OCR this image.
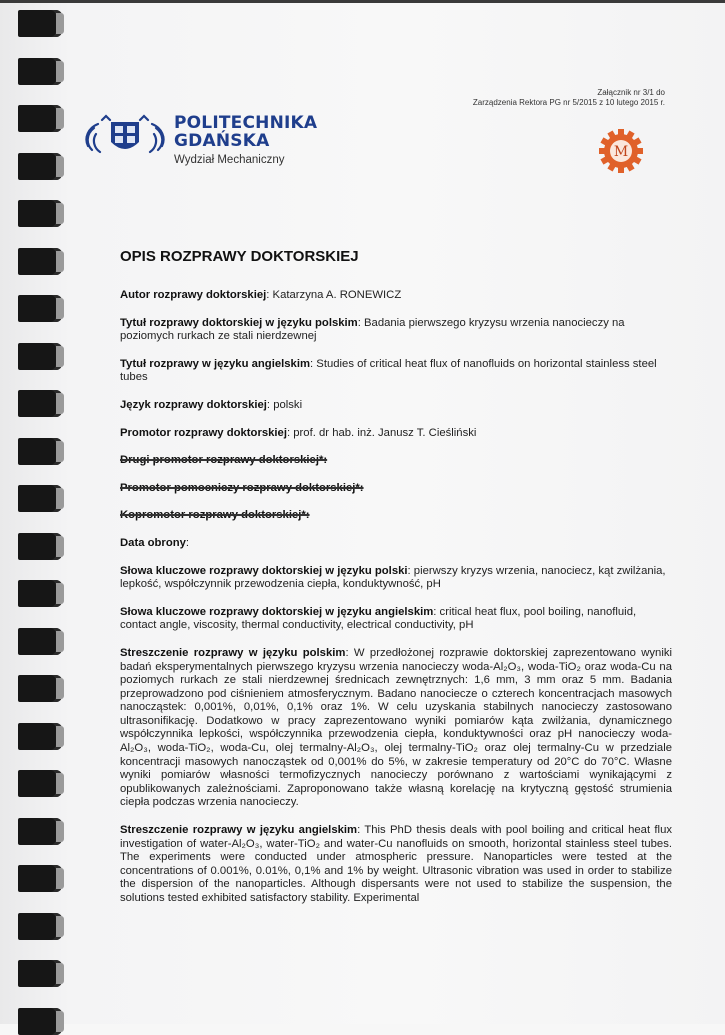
Załącznik nr 3/1 do
Zarządzenia Rektora PG nr 5/2015 z 10 lutego 2015 r.
POLITECHNIKA
GDAŃSKA
Wydział Mechaniczny	M
OPIS ROZPRAWY DOKTORSKIEJ

Autor rozprawy doktorskiej: Katarzyna A. RONEWICZ

Tytuł rozprawy doktorskiej w języku polskim: Badania pierwszego kryzysu wrzenia nanocieczy na poziomych rurkach ze stali nierdzewnej

Tytuł rozprawy w języku angielskim: Studies of critical heat flux of nanofluids on horizontal stainless steel tubes

Język rozprawy doktorskiej: polski

Promotor rozprawy doktorskiej: prof. dr hab. inż. Janusz T. Cieśliński

Drugi promotor rozprawy doktorskiej*:

Promotor pomocniczy rozprawy doktorskiej*:

Kopromotor rozprawy doktorskiej*:

Data obrony:

Słowa kluczowe rozprawy doktorskiej w języku polski: pierwszy kryzys wrzenia, nanociecz, kąt zwilżania, lepkość, współczynnik przewodzenia ciepła, konduktywność, pH

Słowa kluczowe rozprawy doktorskiej w języku angielskim: critical heat flux, pool boiling, nanofluid, contact angle, viscosity, thermal conductivity, electrical conductivity, pH

Streszczenie rozprawy w języku polskim: W przedłożonej rozprawie doktorskiej zaprezentowano wyniki badań eksperymentalnych pierwszego kryzysu wrzenia nanocieczy woda-Al₂O₃, woda-TiO₂ oraz woda-Cu na poziomych rurkach ze stali nierdzewnej średnicach zewnętrznych: 1,6 mm, 3 mm oraz 5 mm. Badania przeprowadzono pod ciśnieniem atmosferycznym. Badano nanociecze o czterech koncentracjach masowych nanocząstek: 0,001%, 0,01%, 0,1% oraz 1%. W celu uzyskania stabilnych nanocieczy zastosowano ultrasonifikację. Dodatkowo w pracy zaprezentowano wyniki pomiarów kąta zwilżania, dynamicznego współczynnika lepkości, współczynnika przewodzenia ciepła, konduktywności oraz pH nanocieczy woda-Al₂O₃, woda-TiO₂, woda-Cu, olej termalny-Al₂O₃, olej termalny-TiO₂ oraz olej termalny-Cu w przedziale koncentracji masowych nanocząstek od 0,001% do 5%, w zakresie temperatury od 20°C do 70°C. Własne wyniki pomiarów własności termofizycznych nanocieczy porównano z wartościami wynikającymi z opublikowanych zależnościami. Zaproponowano także własną korelację na krytyczną gęstość strumienia ciepła podczas wrzenia nanocieczy.

Streszczenie rozprawy w języku angielskim: This PhD thesis deals with pool boiling and critical heat flux investigation of water-Al₂O₃, water-TiO₂ and water-Cu nanofluids on smooth, horizontal stainless steel tubes. The experiments were conducted under atmospheric pressure. Nanoparticles were tested at the concentrations of 0.001%, 0.01%, 0,1% and 1% by weight. Ultrasonic vibration was used in order to stabilize the dispersion of the nanoparticles. Although dispersants were not used to stabilize the suspension, the solutions tested exhibited satisfactory stability. Experimental
